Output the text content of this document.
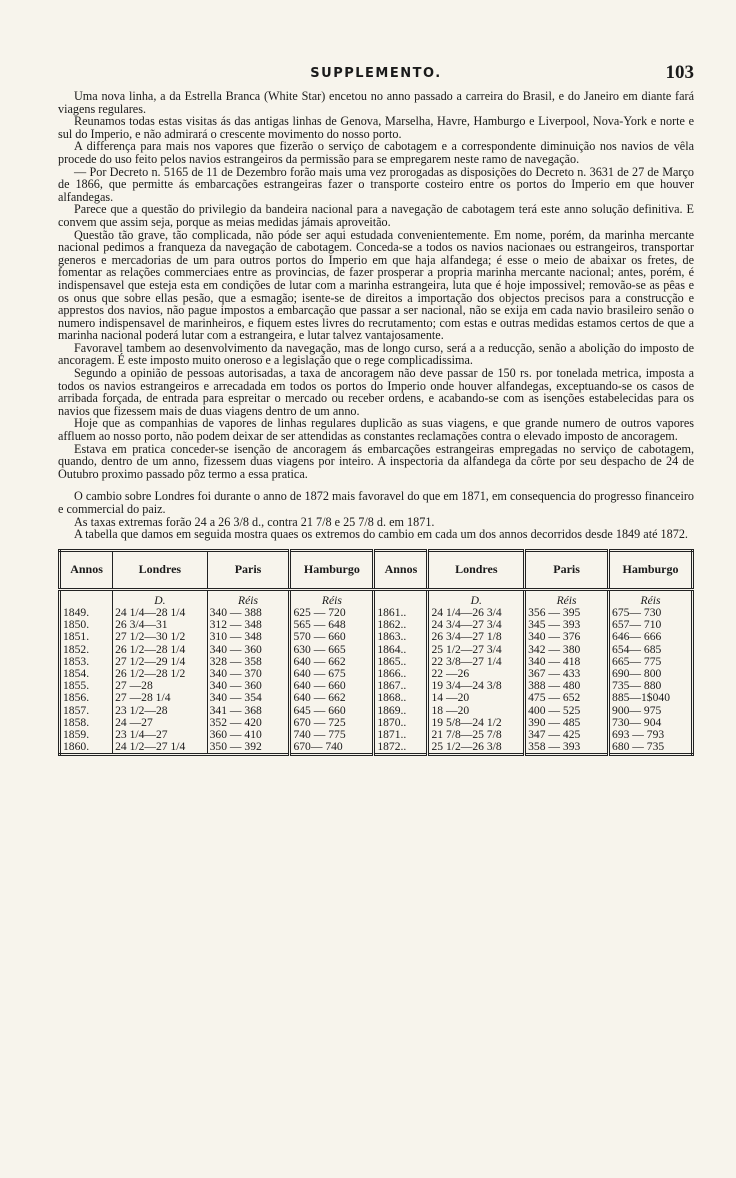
SUPPLEMENTO.	103

Uma nova linha, a da Estrella Branca (White Star) encetou no anno passado a carreira do Brasil, e do Janeiro em diante fará viagens regulares.

Reunamos todas estas visitas ás das antigas linhas de Genova, Marselha, Havre, Hamburgo e Liverpool, Nova-York e norte e sul do Imperio, e não admirará o crescente movimento do nosso porto.

A differença para mais nos vapores que fizerão o serviço de cabotagem e a correspondente diminuição nos navios de vêla procede do uso feito pelos navios estrangeiros da permissão para se empregarem neste ramo de navegação.

— Por Decreto n. 5165 de 11 de Dezembro forão mais uma vez prorogadas as disposições do Decreto n. 3631 de 27 de Março de 1866, que permitte ás embarcações estrangeiras fazer o transporte costeiro entre os portos do Imperio em que houver alfandegas.

Parece que a questão do privilegio da bandeira nacional para a navegação de cabotagem terá este anno solução definitiva. E convem que assim seja, porque as meias medidas jámais aproveitão.

Questão tão grave, tão complicada, não póde ser aqui estudada convenientemente. Em nome, porém, da marinha mercante nacional pedimos a franqueza da navegação de cabotagem. Conceda-se a todos os navios nacionaes ou estrangeiros, transportar generos e mercadorias de um para outros portos do Imperio em que haja alfandega; é esse o meio de abaixar os fretes, de fomentar as relações commerciaes entre as provincias, de fazer prosperar a propria marinha mercante nacional; antes, porém, é indispensavel que esteja esta em condições de lutar com a marinha estrangeira, luta que é hoje impossivel; removão-se as pêas e os onus que sobre ellas pesão, que a esmagão; isente-se de direitos a importação dos objectos precisos para a construcção e apprestos dos navios, não pague impostos a embarcação que passar a ser nacional, não se exija em cada navio brasileiro senão o numero indispensavel de marinheiros, e fiquem estes livres do recrutamento; com estas e outras medidas estamos certos de que a marinha nacional poderá lutar com a estrangeira, e lutar talvez vantajosamente.

Favoravel tambem ao desenvolvimento da navegação, mas de longo curso, será a a reducção, senão a abolição do imposto de ancoragem. É este imposto muito oneroso e a legislação que o rege complicadissima.

Segundo a opinião de pessoas autorisadas, a taxa de ancoragem não deve passar de 150 rs. por tonelada metrica, imposta a todos os navios estrangeiros e arrecadada em todos os portos do Imperio onde houver alfandegas, exceptuando-se os casos de arribada forçada, de entrada para espreitar o mercado ou receber ordens, e acabando-se com as isenções estabelecidas para os navios que fizessem mais de duas viagens dentro de um anno.

Hoje que as companhias de vapores de linhas regulares duplicão as suas viagens, e que grande numero de outros vapores affluem ao nosso porto, não podem deixar de ser attendidas as constantes reclamações contra o elevado imposto de ancoragem.

Estava em pratica conceder-se isenção de ancoragem ás embarcações estrangeiras empregadas no serviço de cabotagem, quando, dentro de um anno, fizessem duas viagens por inteiro. A inspectoria da alfandega da côrte por seu despacho de 24 de Outubro proximo passado pôz termo a essa pratica.

O cambio sobre Londres foi durante o anno de 1872 mais favoravel do que em 1871, em consequencia do progresso financeiro e commercial do paiz.

As taxas extremas forão 24 a 26 3/8 d., contra 21 7/8 e 25 7/8 d. em 1871.

A tabella que damos em seguida mostra quaes os extremos do cambio em cada um dos annos decorridos desde 1849 até 1872.

Annos	Londres	Paris	Hamburgo	Annos	Londres	Paris	Hamburgo
	D.	Réis	Réis		D.	Réis	Réis
1849.	24 1/4—28 1/4	340 — 388	625 — 720	1861..	24 1/4—26 3/4	356 — 395	675— 730
1850.	26 3/4—31	312 — 348	565 — 648	1862..	24 3/4—27 3/4	345 — 393	657— 710
1851.	27 1/2—30 1/2	310 — 348	570 — 660	1863..	26 3/4—27 1/8	340 — 376	646— 666
1852.	26 1/2—28 1/4	340 — 360	630 — 665	1864..	25 1/2—27 3/4	342 — 380	654— 685
1853.	27 1/2—29 1/4	328 — 358	640 — 662	1865..	22 3/8—27 1/4	340 — 418	665— 775
1854.	26 1/2—28 1/2	340 — 370	640 — 675	1866..	22 —26	367 — 433	690— 800
1855.	27 —28	340 — 360	640 — 660	1867..	19 3/4—24 3/8	388 — 480	735— 880
1856.	27 —28 1/4	340 — 354	640 — 662	1868..	14 —20	475 — 652	885—1$040
1857.	23 1/2—28	341 — 368	645 — 660	1869..	18 —20	400 — 525	900— 975
1858.	24 —27	352 — 420	670 — 725	1870..	19 5/8—24 1/2	390 — 485	730— 904
1859.	23 1/4—27	360 — 410	740 — 775	1871..	21 7/8—25 7/8	347 — 425	693 — 793
1860.	24 1/2—27 1/4	350 — 392	670— 740	1872..	25 1/2—26 3/8	358 — 393	680 — 735
